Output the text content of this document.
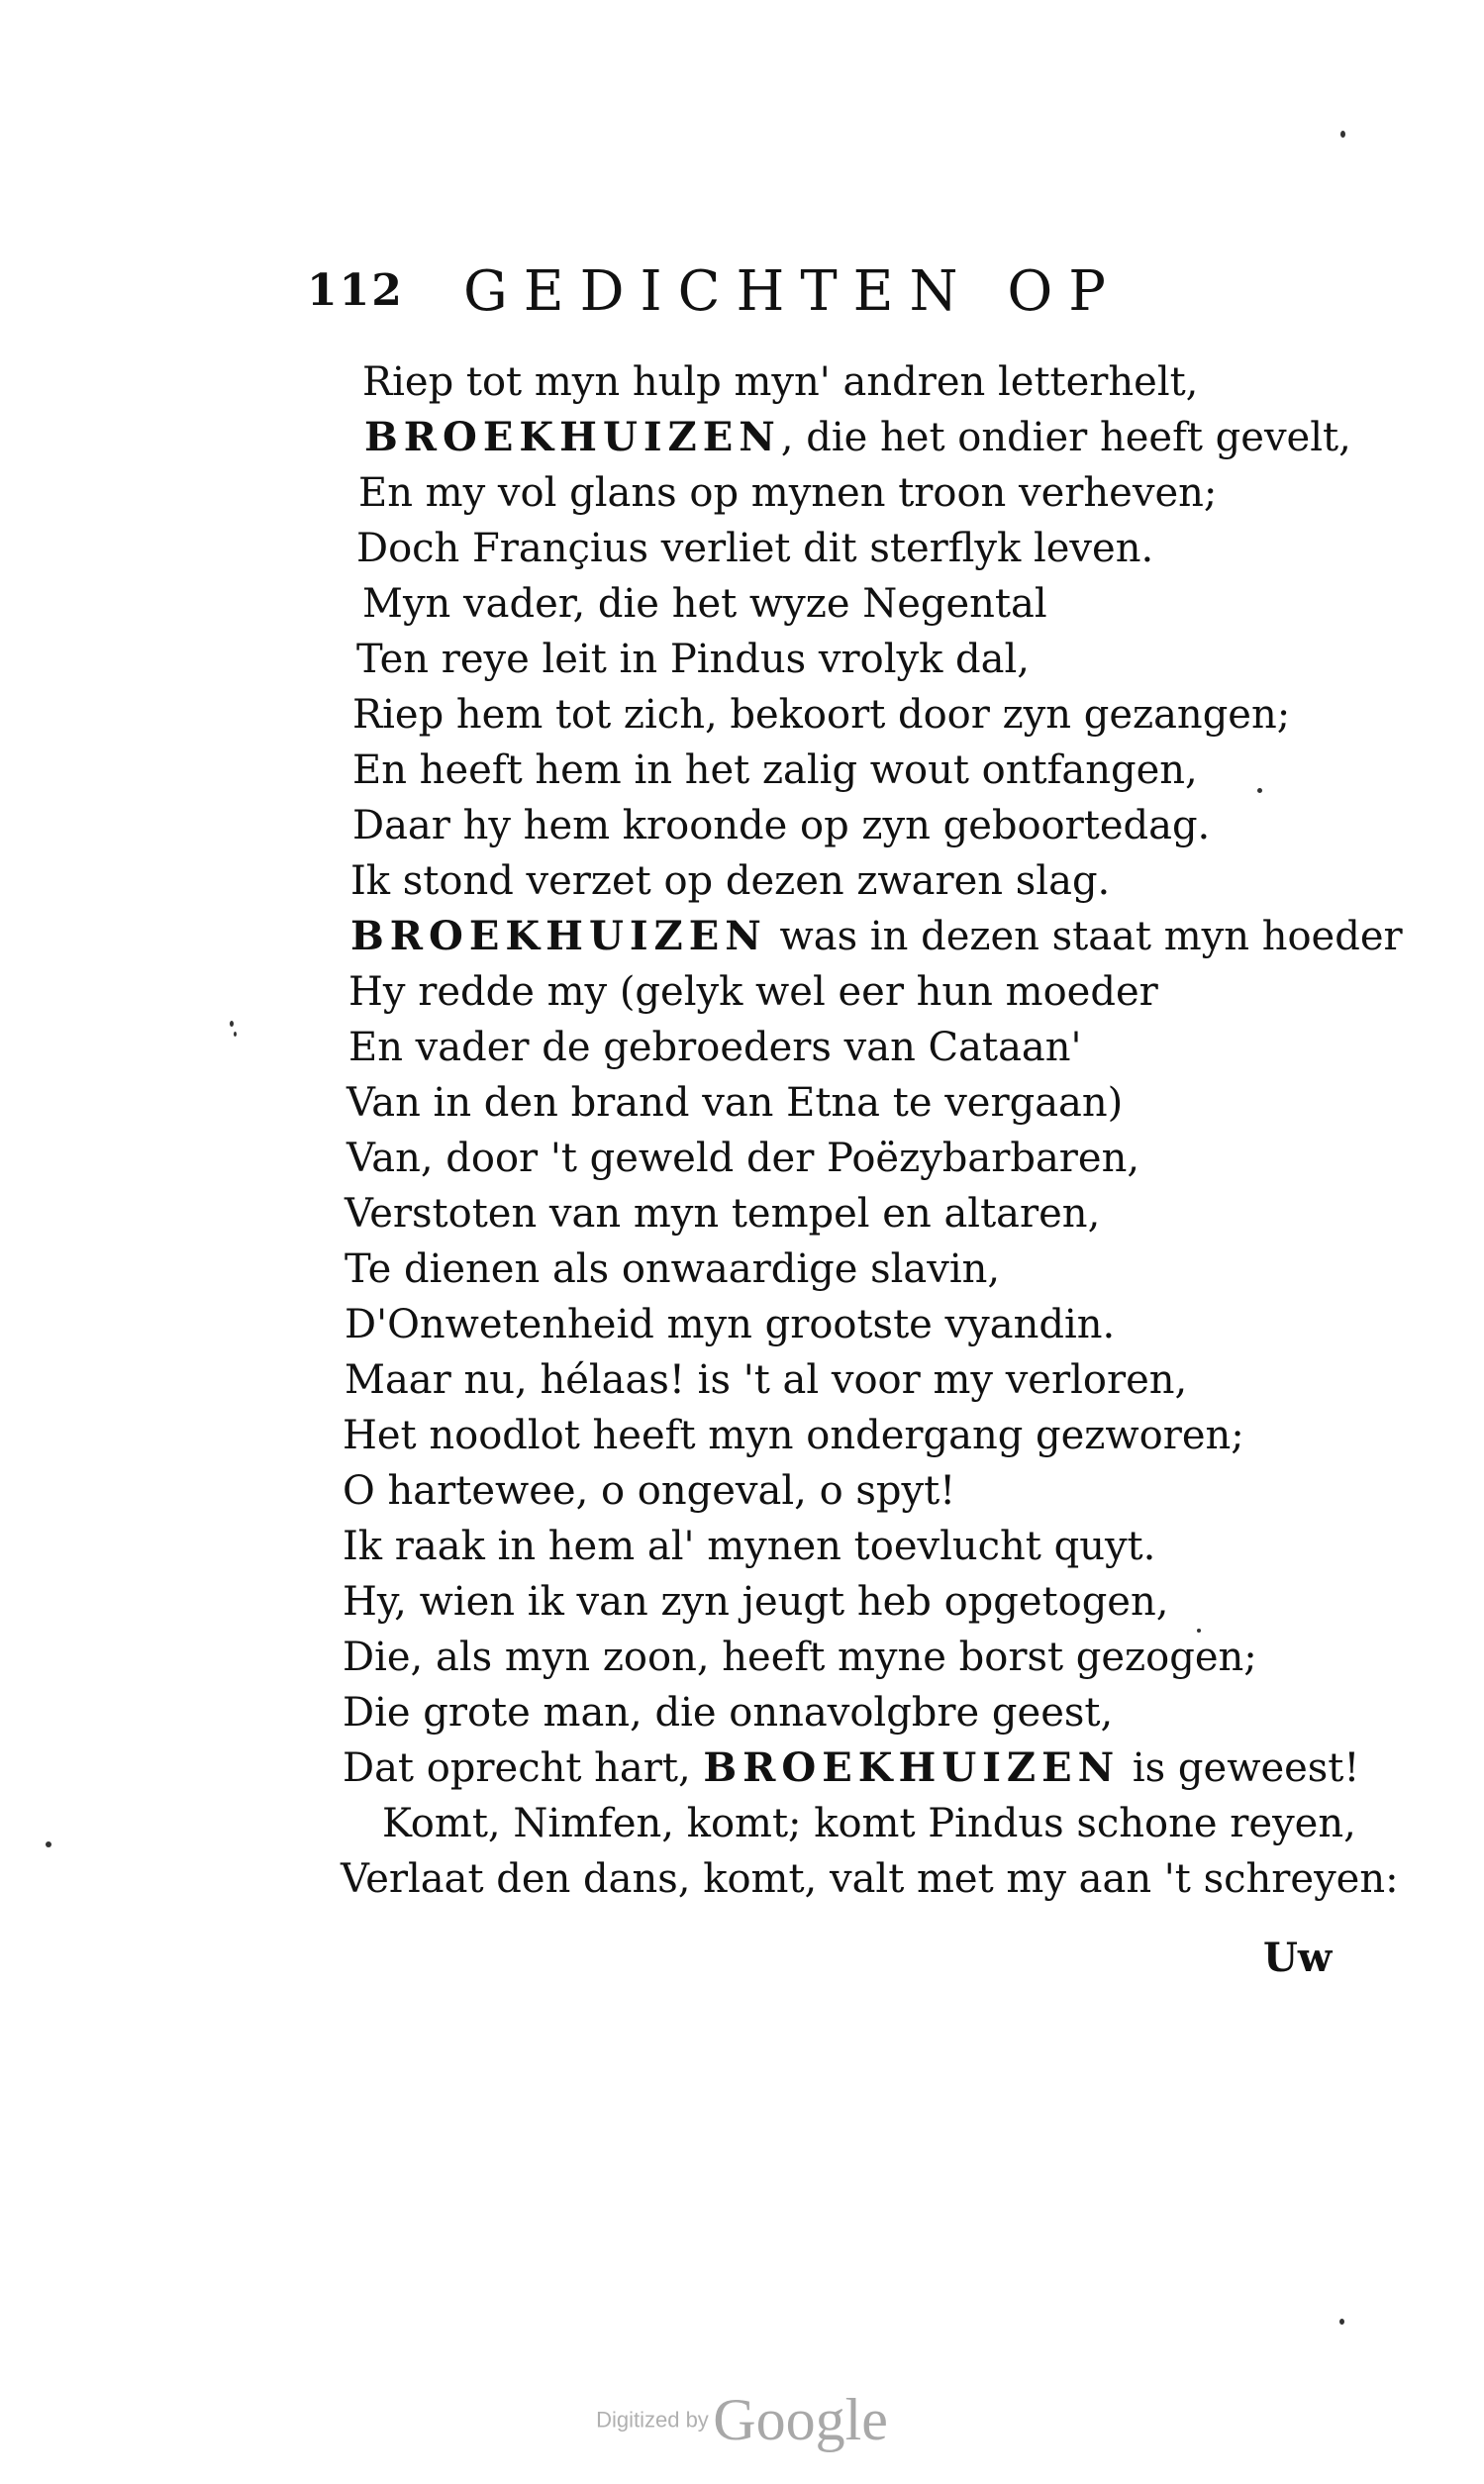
112 GEDICHTEN OP
Riep tot myn hulp myn' andren letterhelt,
BROEKHUIZEN, die het ondier heeft gevelt,
En my vol glans op mynen troon verheven;
Doch Françius verliet dit sterflyk leven.
Myn vader, die het wyze Negental
Ten reye leit in Pindus vrolyk dal,
Riep hem tot zich, bekoort door zyn gezangen;
En heeft hem in het zalig wout ontfangen,
Daar hy hem kroonde op zyn geboortedag.
Ik stond verzet op dezen zwaren slag.
BROEKHUIZEN was in dezen staat myn hoeder
Hy redde my (gelyk wel eer hun moeder
En vader de gebroeders van Cataan'
Van in den brand van Etna te vergaan)
Van, door 't geweld der Poëzybarbaren,
Verstoten van myn tempel en altaren,
Te dienen als onwaardige slavin,
D'Onwetenheid myn grootste vyandin.
Maar nu, hélaas! is 't al voor my verloren,
Het noodlot heeft myn ondergang gezworen;
O hartewee, o ongeval, o spyt!
Ik raak in hem al' mynen toevlucht quyt.
Hy, wien ik van zyn jeugt heb opgetogen,
Die, als myn zoon, heeft myne borst gezogen;
Die grote man, die onnavolgbre geest,
Dat oprecht hart, BROEKHUIZEN is geweest!
Komt, Nimfen, komt; komt Pindus schone reyen,
Verlaat den dans, komt, valt met my aan 't schreyen:
Uw
Digitized by Google
